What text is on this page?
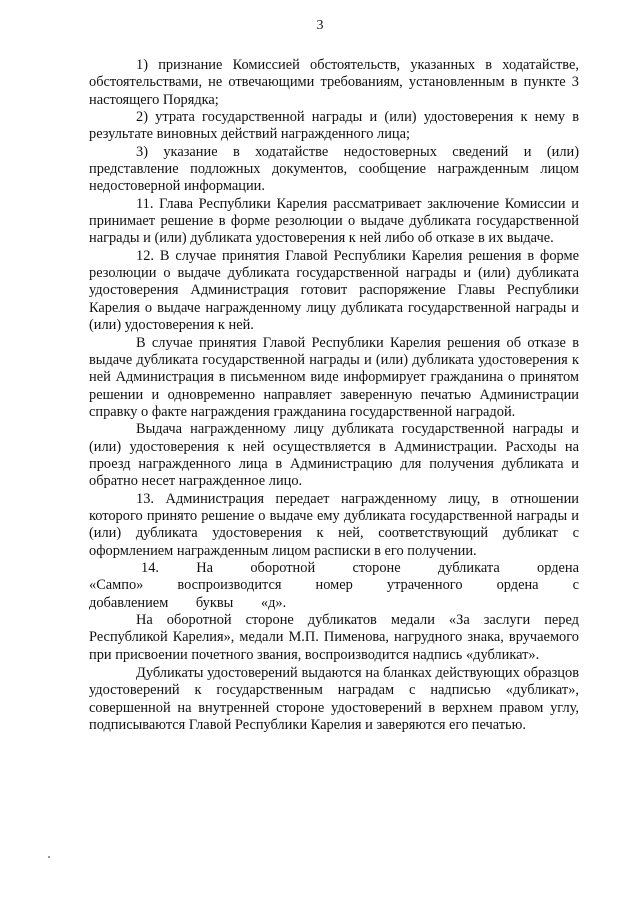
3

1) признание Комиссией обстоятельств, указанных в ходатайстве, обстоятельствами, не отвечающими требованиям, установленным в пункте 3 настоящего Порядка;

2) утрата государственной награды и (или) удостоверения к нему в результате виновных действий награжденного лица;

3) указание в ходатайстве недостоверных сведений и (или) представление подложных документов, сообщение награжденным лицом недостоверной информации.

11. Глава Республики Карелия рассматривает заключение Комиссии и принимает решение в форме резолюции о выдаче дубликата государственной награды и (или) дубликата удостоверения к ней либо об отказе в их выдаче.

12. В случае принятия Главой Республики Карелия решения в форме резолюции о выдаче дубликата государственной награды и (или) дубликата удостоверения Администрация готовит распоряжение Главы Республики Карелия о выдаче награжденному лицу дубликата государственной награды и (или) удостоверения к ней.

В случае принятия Главой Республики Карелия решения об отказе в выдаче дубликата государственной награды и (или) дубликата удостоверения к ней Администрация в письменном виде информирует гражданина о принятом решении и одновременно направляет заверенную печатью Администрации справку о факте награждения гражданина государственной наградой.

Выдача награжденному лицу дубликата государственной награды и (или) удостоверения к ней осуществляется в Администрации. Расходы на проезд награжденного лица в Администрацию для получения дубликата и обратно несет награжденное лицо.

13. Администрация передает награжденному лицу, в отношении которого принято решение о выдаче ему дубликата государственной награды и (или) дубликата удостоверения к ней, соответствующий дубликат с оформлением награжденным лицом расписки в его получении.

14. На оборотной стороне дубликата ордена «Сампо» воспроизводится номер утраченного ордена с добавлением буквы «д».

На оборотной стороне дубликатов медали «За заслуги перед Республикой Карелия», медали М.П. Пименова, нагрудного знака, вручаемого при присвоении почетного звания, воспроизводится надпись «дубликат».

Дубликаты удостоверений выдаются на бланках действующих образцов удостоверений к государственным наградам с надписью «дубликат», совершенной на внутренней стороне удостоверений в верхнем правом углу, подписываются Главой Республики Карелия и заверяются его печатью.
